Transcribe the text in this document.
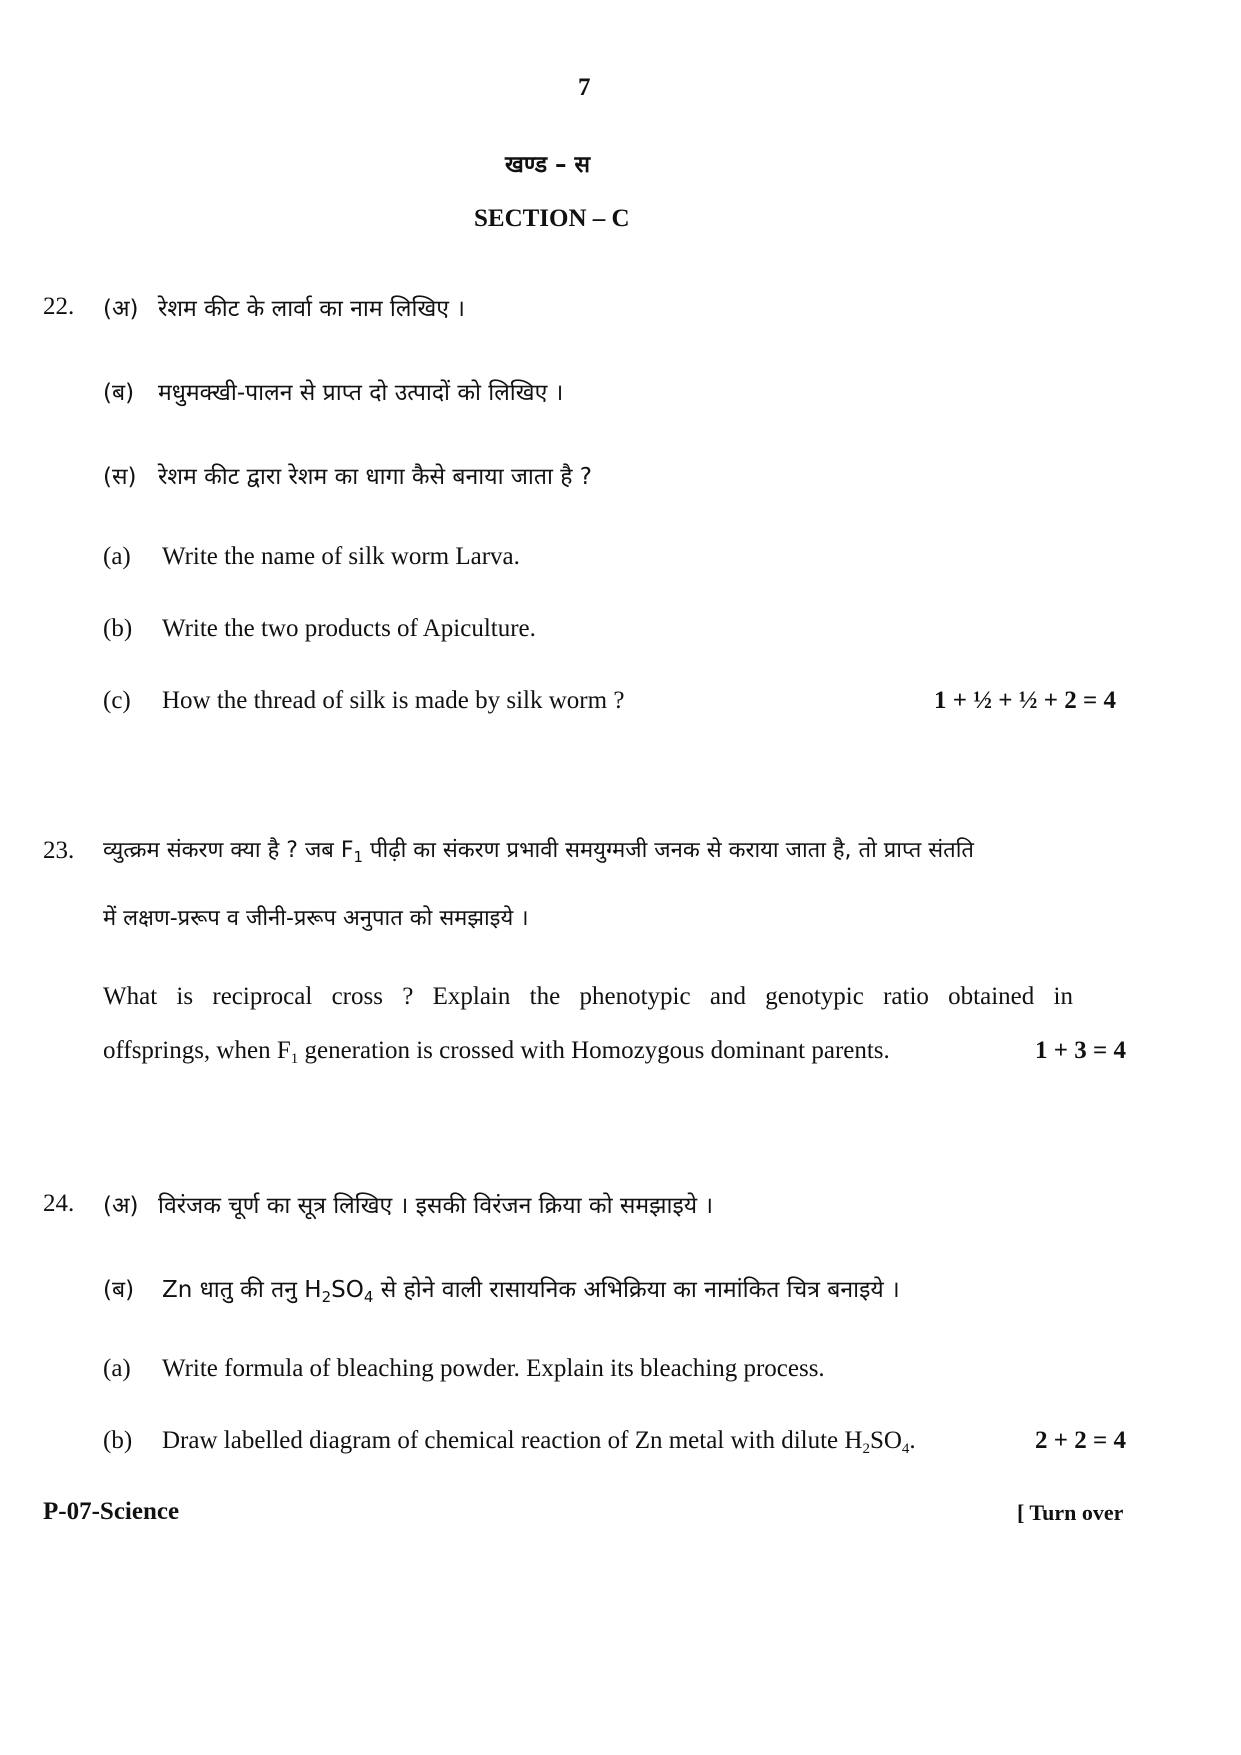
7
खण्ड – स
SECTION – C
22. (अ) रेशम कीट के लार्वा का नाम लिखिए ।
(ब) मधुमक्खी-पालन से प्राप्त दो उत्पादों को लिखिए ।
(स) रेशम कीट द्वारा रेशम का धागा कैसे बनाया जाता है ?
(a) Write the name of silk worm Larva.
(b) Write the two products of Apiculture.
(c) How the thread of silk is made by silk worm ?	1 + ½ + ½ + 2 = 4
23. व्युत्क्रम संकरण क्या है ? जब $F_1$ पीढ़ी का संकरण प्रभावी समयुग्मजी जनक से कराया जाता है, तो प्राप्त संतति
में लक्षण-प्ररूप व जीनी-प्ररूप अनुपात को समझाइये ।
What is reciprocal cross ? Explain the phenotypic and genotypic ratio obtained in
offsprings, when $F_1$ generation is crossed with Homozygous dominant parents.	1 + 3 = 4
24. (अ) विरंजक चूर्ण का सूत्र लिखिए । इसकी विरंजन क्रिया को समझाइये ।
(ब) Zn धातु की तनु $H_2SO_4$ से होने वाली रासायनिक अभिक्रिया का नामांकित चित्र बनाइये ।
(a) Write formula of bleaching powder. Explain its bleaching process.
(b) Draw labelled diagram of chemical reaction of Zn metal with dilute $H_2SO_4$.	2 + 2 = 4
P-07-Science	[ Turn over
